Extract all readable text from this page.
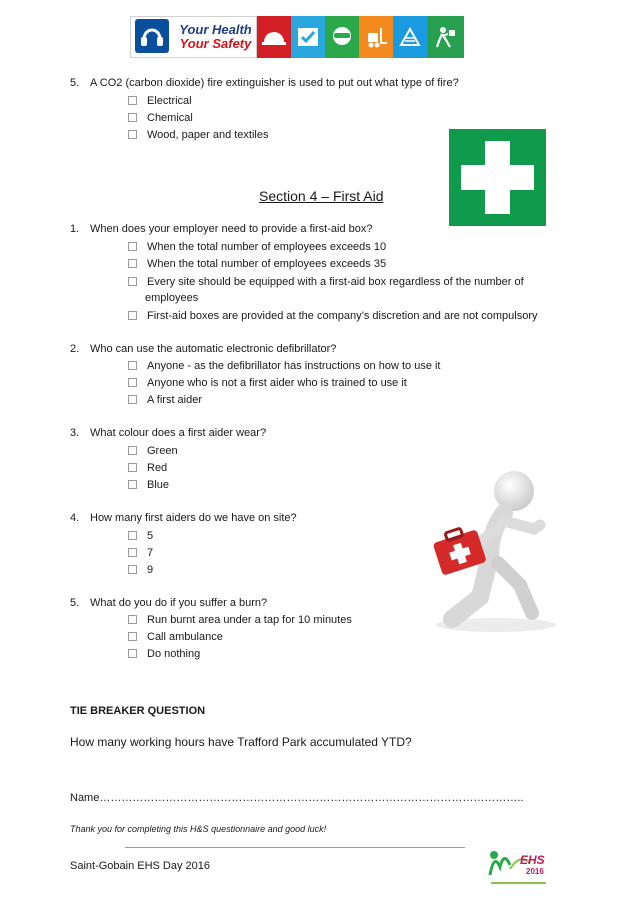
Your Health
Your Safety
5. A CO2 (carbon dioxide) fire extinguisher is used to put out what type of fire?
Electrical
Chemical
Wood, paper and textiles
Section 4 – First Aid
1. When does your employer need to provide a first-aid box?
When the total number of employees exceeds 10
When the total number of employees exceeds 35
Every site should be equipped with a first-aid box regardless of the number of
employees
First-aid boxes are provided at the company’s discretion and are not compulsory
2. Who can use the automatic electronic defibrillator?
Anyone - as the defibrillator has instructions on how to use it
Anyone who is not a first aider who is trained to use it
A first aider
3. What colour does a first aider wear?
Green
Red
Blue
4. How many first aiders do we have on site?
5
7
9
5. What do you do if you suffer a burn?
Run burnt area under a tap for 10 minutes
Call ambulance
Do nothing
TIE BREAKER QUESTION
How many working hours have Trafford Park accumulated YTD?
Name……………………………………………………………………………………………………..
Thank you for completing this H&S questionnaire and good luck!
Saint-Gobain EHS Day 2016	EHS
2016
